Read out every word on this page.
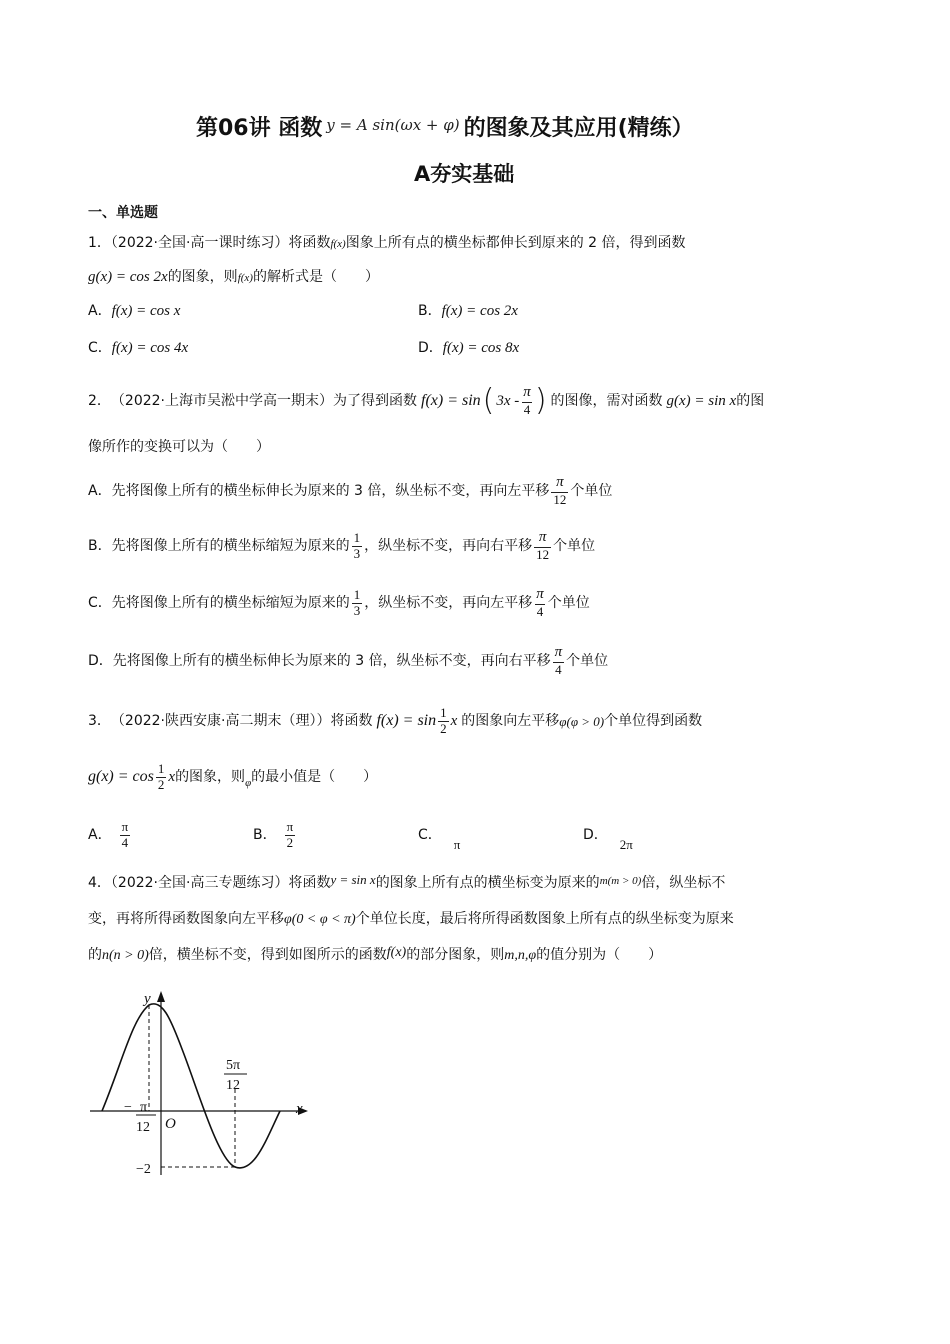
第06讲 函数 $^{y = A sin(\omega x + \varphi)}$ 的图象及其应用(精练）
A夯实基础
一、单选题
1．（2022·全国·高一课时练习）将函数f(x)图象上所有点的横坐标都伸长到原来的 2 倍，得到函数
g(x) = cos 2x的图象，则f(x)的解析式是（　　）
A．f(x) = cos x	B．f(x) = cos 2x
C．f(x) = cos 4x	D．f(x) = cos 8x
2． （2022·上海市吴淞中学高一期末）为了得到函数 f(x) = sin ( $3x - \frac{\pi}{4}$ ) 的图像，需对函数 g(x) = sin x 的图
像所作的变换可以为（　　）
A． 先将图像上所有的横坐标伸长为原来的 3 倍，纵坐标不变，再向左平移 $\frac{\pi}{12}$ 个单位
B． 先将图像上所有的横坐标缩短为原来的 $\frac{1}{3}$ ，纵坐标不变，再向右平移 $\frac{\pi}{12}$ 个单位
C． 先将图像上所有的横坐标缩短为原来的 $\frac{1}{3}$ ，纵坐标不变，再向左平移 $\frac{\pi}{4}$ 个单位
D． 先将图像上所有的横坐标伸长为原来的 3 倍，纵坐标不变，再向右平移 $\frac{\pi}{4}$ 个单位
3． （2022·陕西安康·高二期末（理））将函数 $f(x) = \sin \frac{1}{2}$ x 的图象向左平移 φ(φ > 0) 个单位得到函数
$g(x) = \cos \frac{1}{2}$ x 的图象，则 φ 的最小值是（　　）
A． $\frac{\pi}{4}$	B． $\frac{\pi}{2}$	C．π
D．2π
4．（2022·全国·高三专题练习）将函数y = sin x的图象上所有点的横坐标变为原来的$^{m(m > 0)}$倍，纵坐标不
变，再将所得函数图象向左平移φ(0 < φ < π)个单位长度，最后将所得函数图象上所有点的纵坐标变为原来
的n(n > 0)倍，横坐标不变，得到如图所示的函数f(x)的部分图象，则m,n,φ的值分别为（　　）
y
x
O
5π
12
− π
12
−2
